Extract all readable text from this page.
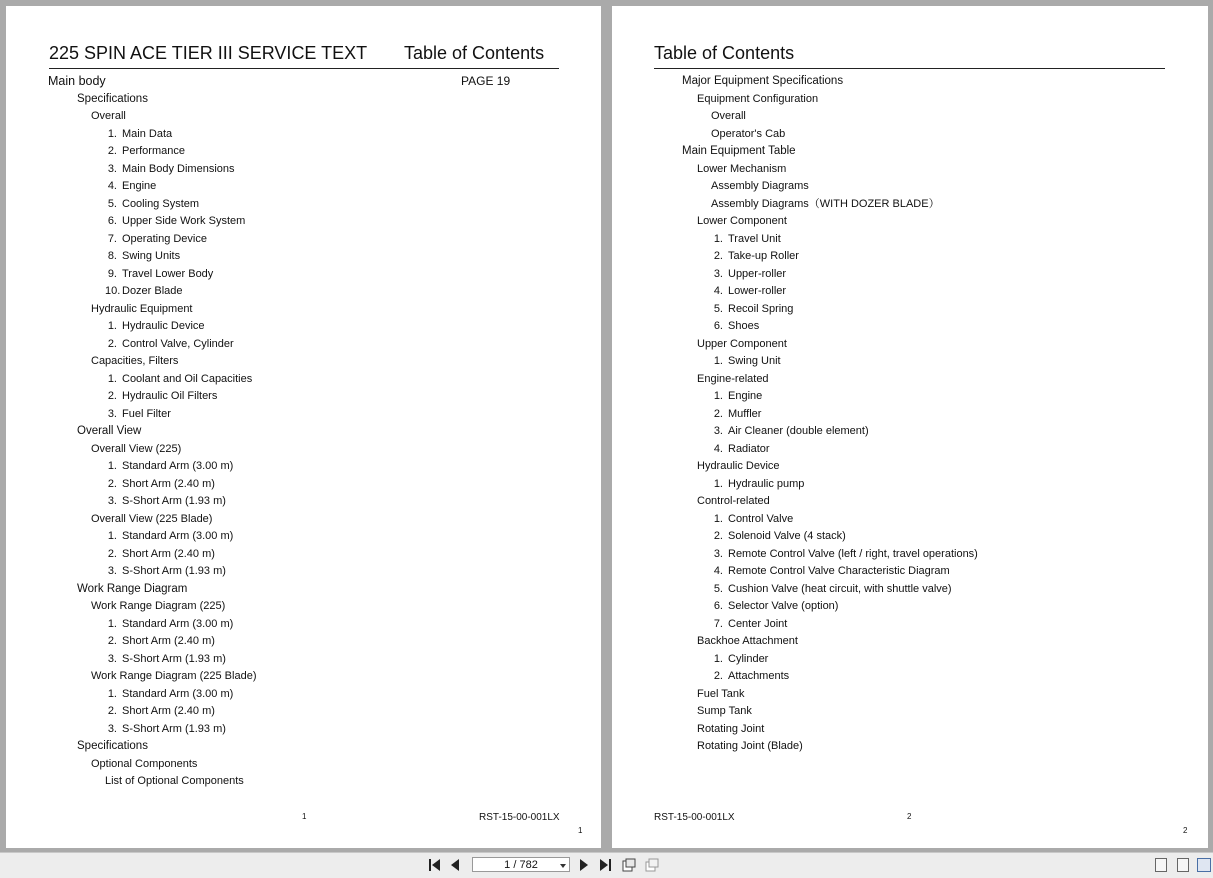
225 SPIN ACE TIER III SERVICE TEXT Table of Contents
PAGE 19
Main body
Specifications
Overall
1. Main Data
2. Performance
3. Main Body Dimensions
4. Engine
5. Cooling System
6. Upper Side Work System
7. Operating Device
8. Swing Units
9. Travel Lower Body
10. Dozer Blade
Hydraulic Equipment
1. Hydraulic Device
2. Control Valve, Cylinder
Capacities, Filters
1. Coolant and Oil Capacities
2. Hydraulic Oil Filters
3. Fuel Filter
Overall View
Overall View (225)
1. Standard Arm (3.00 m)
2. Short Arm (2.40 m)
3. S-Short Arm (1.93 m)
Overall View (225 Blade)
1. Standard Arm (3.00 m)
2. Short Arm (2.40 m)
3. S-Short Arm (1.93 m)
Work Range Diagram
Work Range Diagram (225)
1. Standard Arm (3.00 m)
2. Short Arm (2.40 m)
3. S-Short Arm (1.93 m)
Work Range Diagram (225 Blade)
1. Standard Arm (3.00 m)
2. Short Arm (2.40 m)
3. S-Short Arm (1.93 m)
Specifications
Optional Components
List of Optional Components
1	RST-15-00-001LX
1
Table of Contents
Major Equipment Specifications
Equipment Configuration
Overall
Operator's Cab
Main Equipment Table
Lower Mechanism
Assembly Diagrams
Assembly Diagrams（WITH DOZER BLADE）
Lower Component
1. Travel Unit
2. Take-up Roller
3. Upper-roller
4. Lower-roller
5. Recoil Spring
6. Shoes
Upper Component
1. Swing Unit
Engine-related
1. Engine
2. Muffler
3. Air Cleaner (double element)
4. Radiator
Hydraulic Device
1. Hydraulic pump
Control-related
1. Control Valve
2. Solenoid Valve (4 stack)
3. Remote Control Valve (left / right, travel operations)
4. Remote Control Valve Characteristic Diagram
5. Cushion Valve (heat circuit, with shuttle valve)
6. Selector Valve (option)
7. Center Joint
Backhoe Attachment
1. Cylinder
2. Attachments
Fuel Tank
Sump Tank
Rotating Joint
Rotating Joint (Blade)
RST-15-00-001LX	2
2
1 / 782
